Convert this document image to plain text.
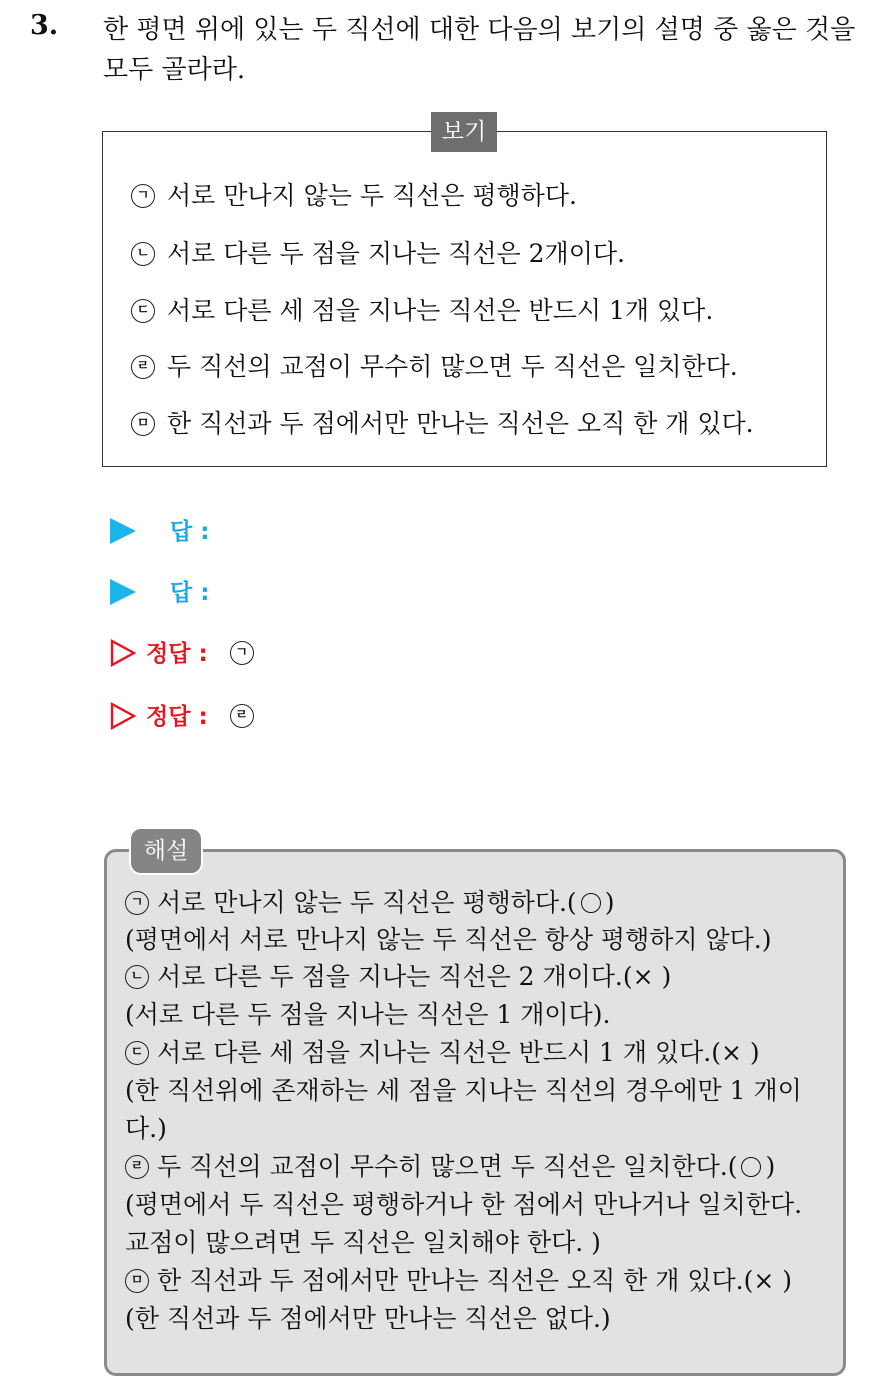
3. 한 평면 위에 있는 두 직선에 대한 다음의 보기의 설명 중 옳은 것을 모두 골라라.
보기
ㄱ 서로 만나지 않는 두 직선은 평행하다.
ㄴ 서로 다른 두 점을 지나는 직선은 2개이다.
ㄷ 서로 다른 세 점을 지나는 직선은 반드시 1개 있다.
ㄹ 두 직선의 교점이 무수히 많으면 두 직선은 일치한다.
ㅁ 한 직선과 두 점에서만 만나는 직선은 오직 한 개 있다.
답 :
답 :
정답 : ㄱ
정답 : ㄹ
해설
ㄱ 서로 만나지 않는 두 직선은 평행하다.( ○ )
(평면에서 서로 만나지 않는 두 직선은 항상 평행하지 않다.)
ㄴ 서로 다른 두 점을 지나는 직선은 2 개이다.(× )
(서로 다른 두 점을 지나는 직선은 1 개이다).
ㄷ 서로 다른 세 점을 지나는 직선은 반드시 1 개 있다.(× )
(한 직선위에 존재하는 세 점을 지나는 직선의 경우에만 1 개이
다.)
ㄹ 두 직선의 교점이 무수히 많으면 두 직선은 일치한다.( ○ )
(평면에서 두 직선은 평행하거나 한 점에서 만나거나 일치한다.
교점이 많으려면 두 직선은 일치해야 한다. )
ㅁ 한 직선과 두 점에서만 만나는 직선은 오직 한 개 있다.(× )
(한 직선과 두 점에서만 만나는 직선은 없다.)
